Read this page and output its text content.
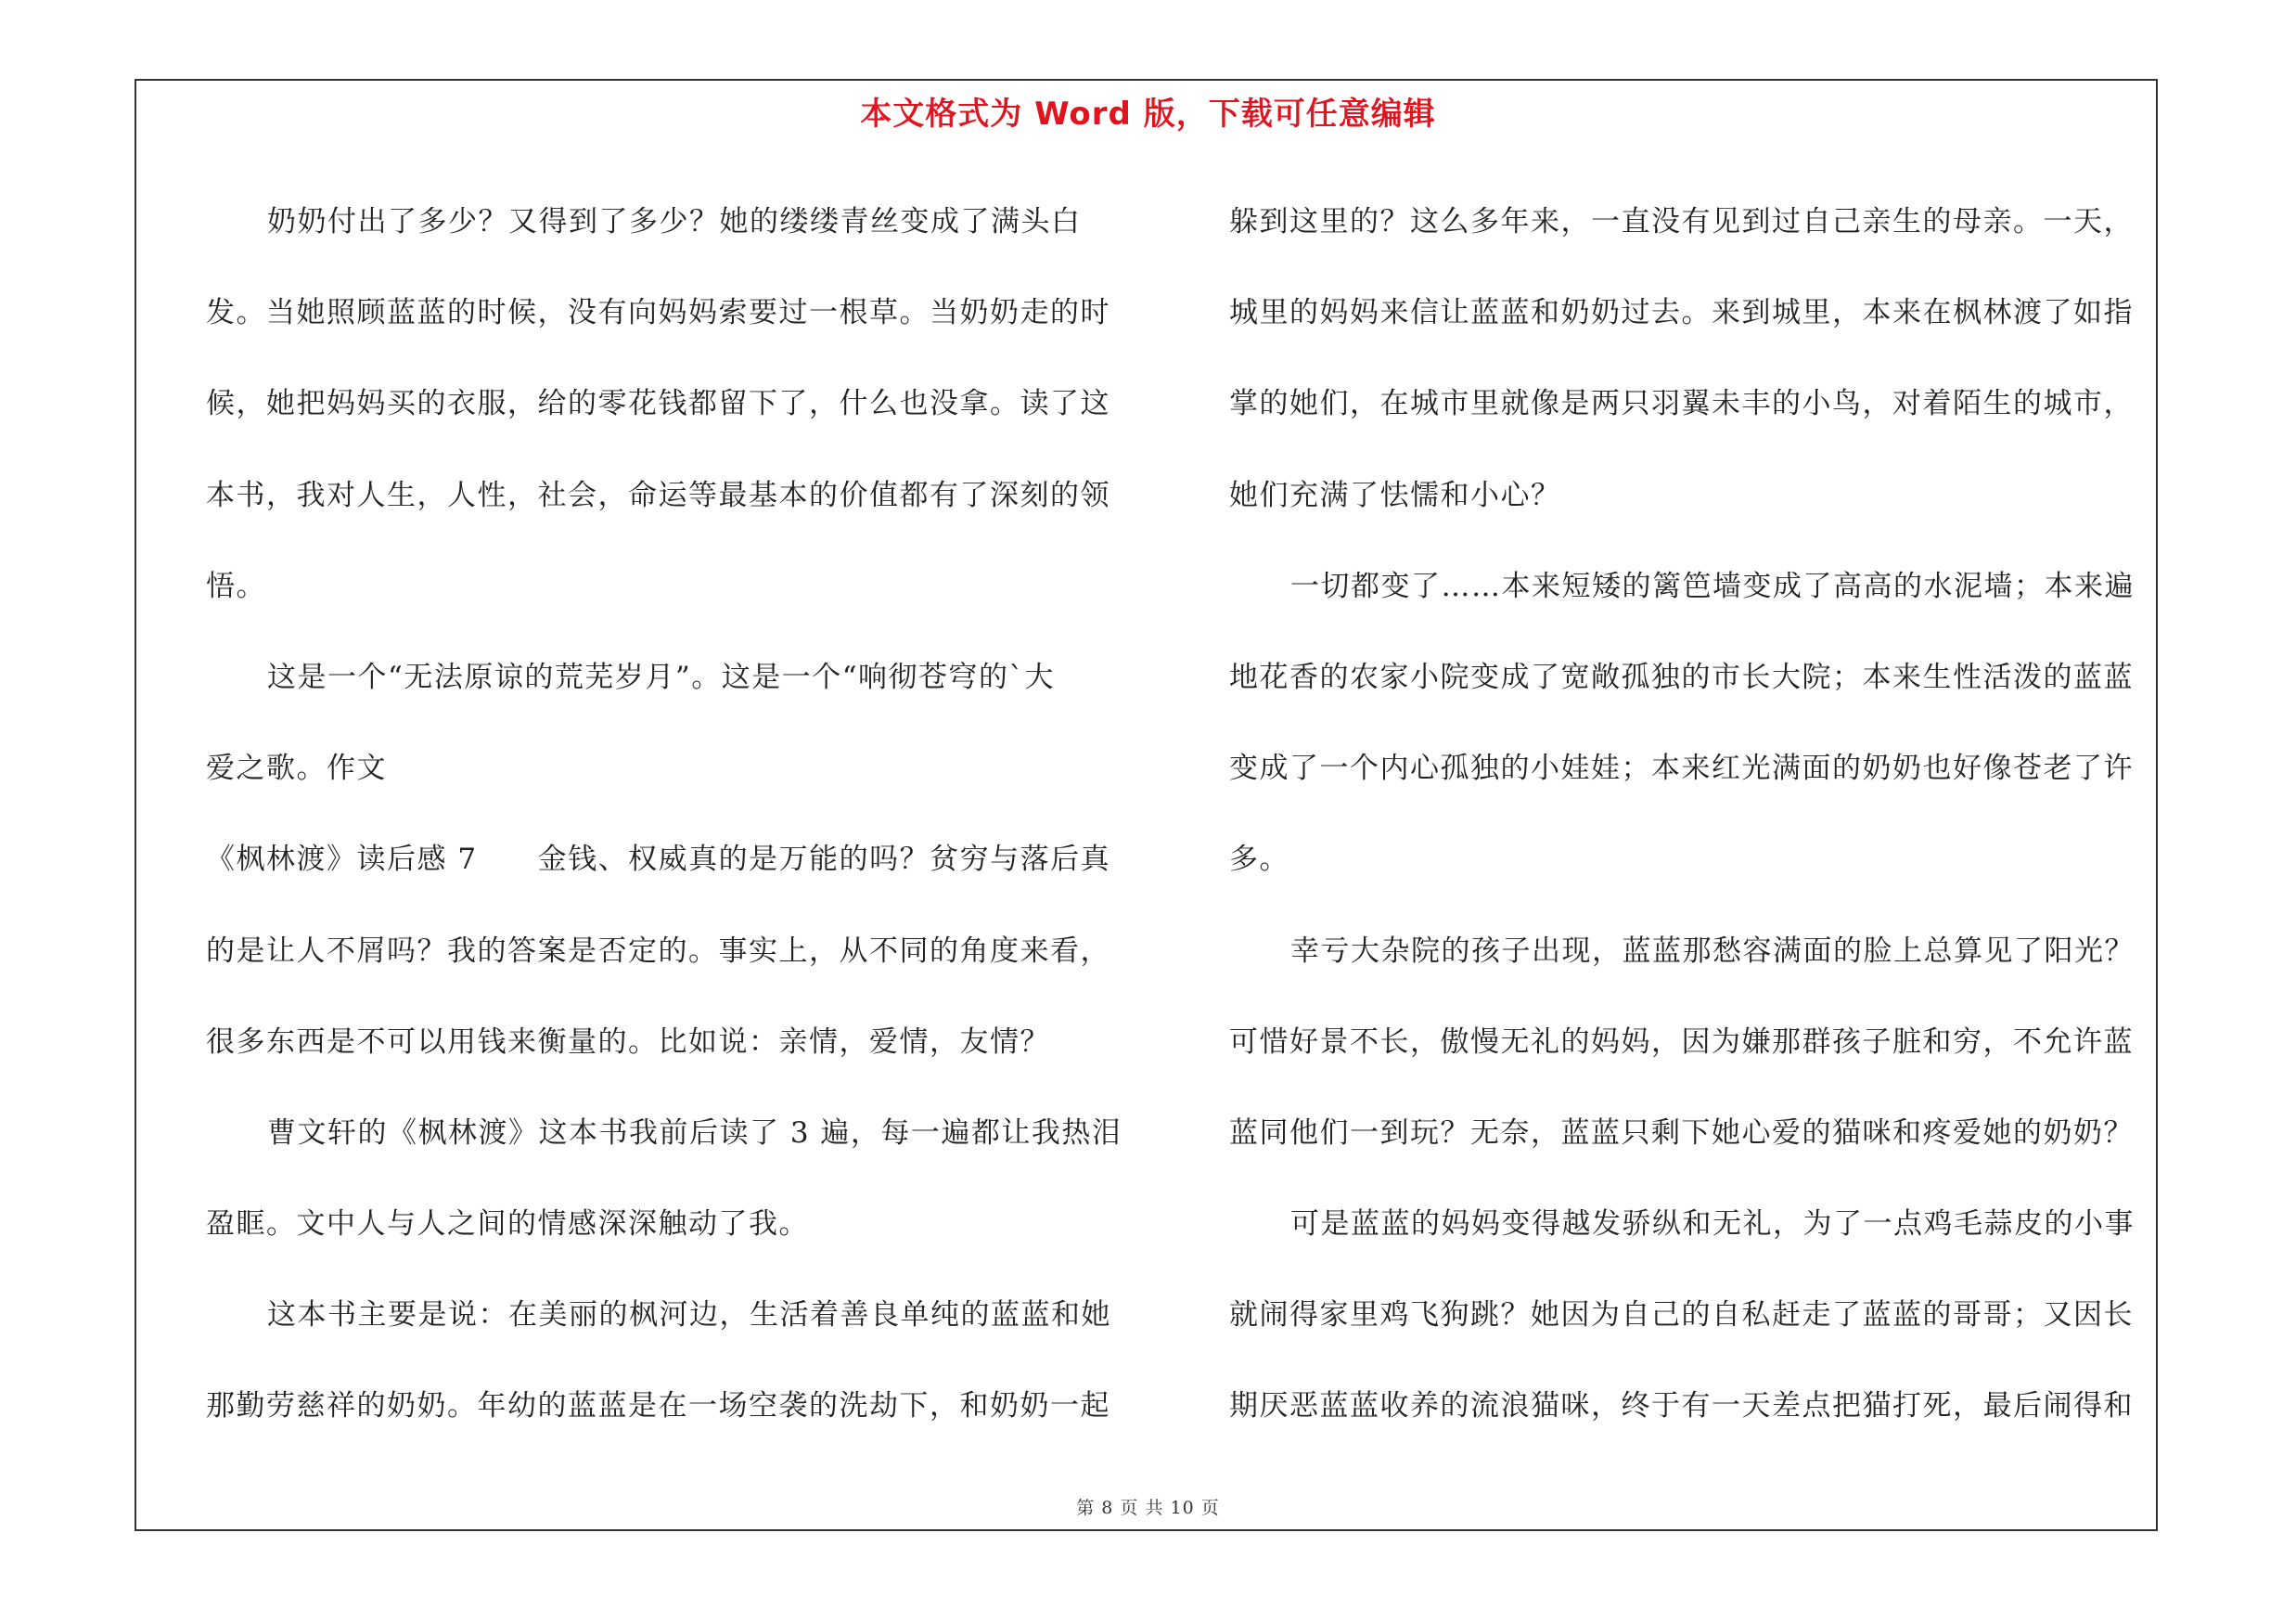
本文格式为 Word 版，下载可任意编辑
奶奶付出了多少？又得到了多少？她的缕缕青丝变成了满头白
发。当她照顾蓝蓝的时候，没有向妈妈索要过一根草。当奶奶走的时
候，她把妈妈买的衣服，给的零花钱都留下了，什么也没拿。读了这
本书，我对人生，人性，社会，命运等最基本的价值都有了深刻的领
悟。
这是一个“无法原谅的荒芜岁月”。这是一个“响彻苍穹的`大
爱之歌。作文
《枫林渡》读后感 7　　金钱、权威真的是万能的吗？贫穷与落后真
的是让人不屑吗？我的答案是否定的。事实上，从不同的角度来看，
很多东西是不可以用钱来衡量的。比如说：亲情，爱情，友情？
曹文轩的《枫林渡》这本书我前后读了 3 遍，每一遍都让我热泪
盈眶。文中人与人之间的情感深深触动了我。
这本书主要是说：在美丽的枫河边，生活着善良单纯的蓝蓝和她
那勤劳慈祥的奶奶。年幼的蓝蓝是在一场空袭的洗劫下，和奶奶一起
躲到这里的？这么多年来，一直没有见到过自己亲生的母亲。一天，
城里的妈妈来信让蓝蓝和奶奶过去。来到城里，本来在枫林渡了如指
掌的她们，在城市里就像是两只羽翼未丰的小鸟，对着陌生的城市，
她们充满了怯懦和小心？
一切都变了……本来短矮的篱笆墙变成了高高的水泥墙；本来遍
地花香的农家小院变成了宽敞孤独的市长大院；本来生性活泼的蓝蓝
变成了一个内心孤独的小娃娃；本来红光满面的奶奶也好像苍老了许
多。
幸亏大杂院的孩子出现，蓝蓝那愁容满面的脸上总算见了阳光？
可惜好景不长，傲慢无礼的妈妈，因为嫌那群孩子脏和穷，不允许蓝
蓝同他们一到玩？无奈，蓝蓝只剩下她心爱的猫咪和疼爱她的奶奶？
可是蓝蓝的妈妈变得越发骄纵和无礼，为了一点鸡毛蒜皮的小事
就闹得家里鸡飞狗跳？她因为自己的自私赶走了蓝蓝的哥哥；又因长
期厌恶蓝蓝收养的流浪猫咪，终于有一天差点把猫打死，最后闹得和
第 8 页 共 10 页
